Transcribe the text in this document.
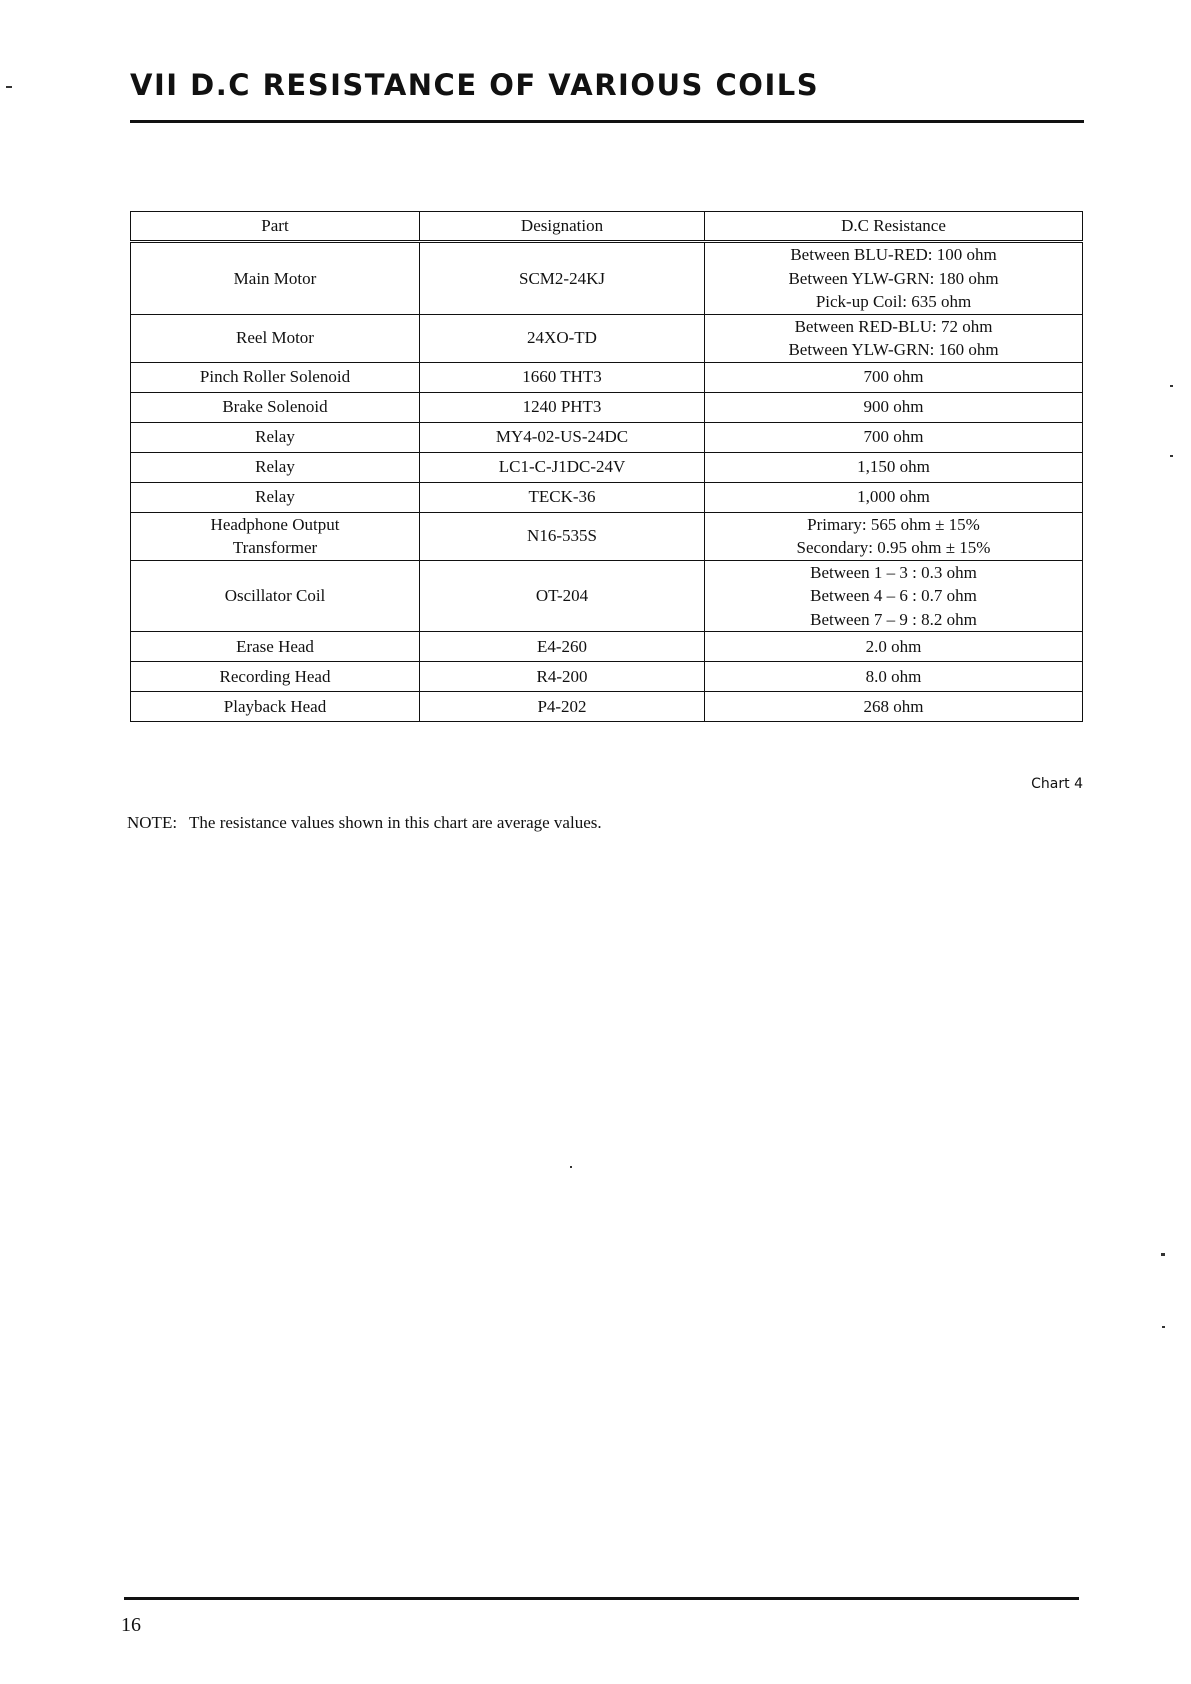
VII D.C RESISTANCE OF VARIOUS COILS
Part	Designation	D.C Resistance

Main Motor	SCM2-24KJ	Between BLU-RED: 100 ohm
Between YLW-GRN: 180 ohm
Pick-up Coil: 635 ohm

Reel Motor	24XO-TD	Between RED-BLU: 72 ohm
Between YLW-GRN: 160 ohm

Pinch Roller Solenoid	1660 THT3	700 ohm

Brake Solenoid	1240 PHT3	900 ohm

Relay	MY4-02-US-24DC	700 ohm

Relay	LC1-C-J1DC-24V	1,150 ohm

Relay	TECK-36	1,000 ohm

Headphone Output
Transformer	N16-535S	Primary: 565 ohm ± 15%
Secondary: 0.95 ohm ± 15%

Oscillator Coil	OT-204	Between 1 – 3 : 0.3 ohm
Between 4 – 6 : 0.7 ohm
Between 7 – 9 : 8.2 ohm

Erase Head	E4-260	2.0 ohm

Recording Head	R4-200	8.0 ohm

Playback Head	P4-202	268 ohm
Chart 4
NOTE: The resistance values shown in this chart are average values.
16
